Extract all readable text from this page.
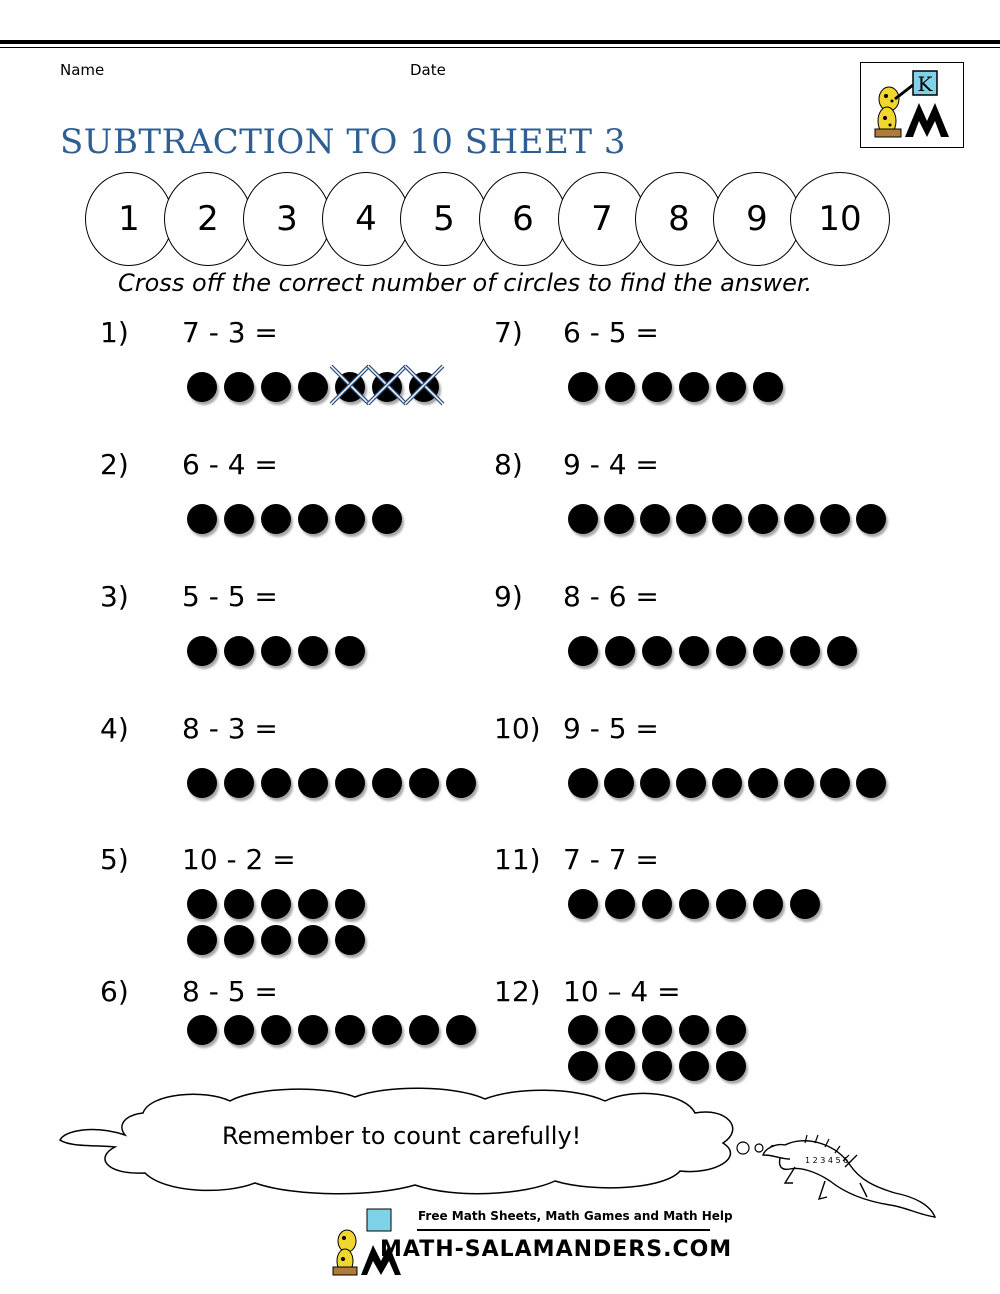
Name	Date
SUBTRACTION TO 10 SHEET 3
K
1	2	3	4	5	6	7	8	9	10
Cross off the correct number of circles to find the answer.
1) 7 - 3 =
2) 6 - 4 =
3) 5 - 5 =
4) 8 - 3 =
5) 10 - 2 =
6) 8 - 5 =
7) 6 - 5 =
8) 9 - 4 =
9) 8 - 6 =
10) 9 - 5 =
11) 7 - 7 =
12) 10 – 4 =
Remember to count carefully!
1 2 3 4 5 6
Free Math Sheets, Math Games and Math Help
MATH-SALAMANDERS.COM
